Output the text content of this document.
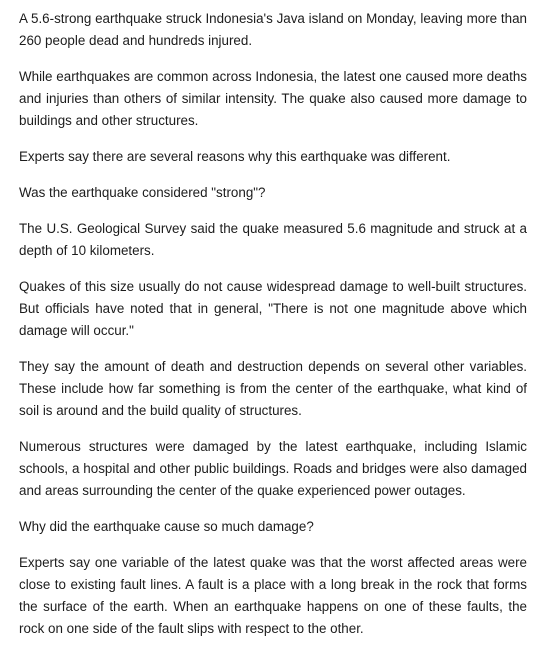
A 5.6-strong earthquake struck Indonesia's Java island on Monday, leaving more than 260 people dead and hundreds injured.

While earthquakes are common across Indonesia, the latest one caused more deaths and injuries than others of similar intensity. The quake also caused more damage to buildings and other structures.

Experts say there are several reasons why this earthquake was different.

Was the earthquake considered "strong"?

The U.S. Geological Survey said the quake measured 5.6 magnitude and struck at a depth of 10 kilometers.

Quakes of this size usually do not cause widespread damage to well-built structures. But officials have noted that in general, "There is not one magnitude above which damage will occur."

They say the amount of death and destruction depends on several other variables. These include how far something is from the center of the earthquake, what kind of soil is around and the build quality of structures.

Numerous structures were damaged by the latest earthquake, including Islamic schools, a hospital and other public buildings. Roads and bridges were also damaged and areas surrounding the center of the quake experienced power outages.

Why did the earthquake cause so much damage?

Experts say one variable of the latest quake was that the worst affected areas were close to existing fault lines. A fault is a place with a long break in the rock that forms the surface of the earth. When an earthquake happens on one of these faults, the rock on one side of the fault slips with respect to the other.
